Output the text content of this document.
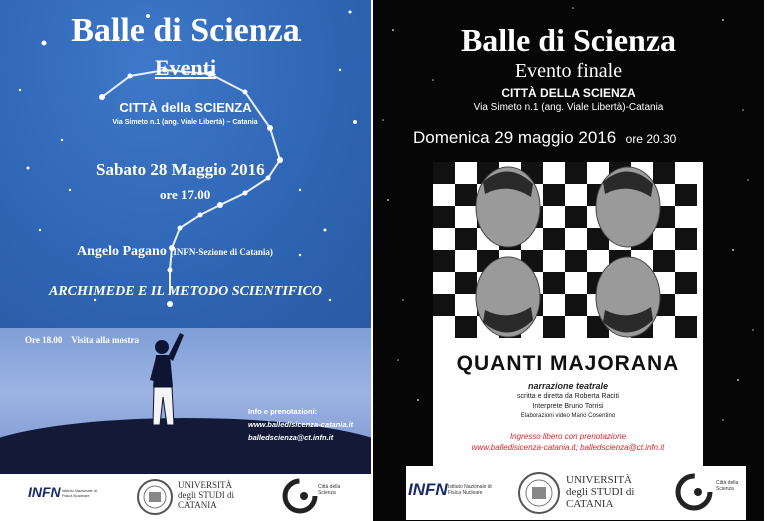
Balle di Scienza
Eventi
CITTÀ della SCIENZA
Via Simeto n.1 (ang. Viale Libertà) – Catania
Sabato 28 Maggio 2016
ore 17.00
Angelo Pagano (INFN-Sezione di Catania)
ARCHIMEDE E IL METODO SCIENTIFICO
Ore 18.00 Visita alla mostra
Info e prenotazioni:
www.balledisicenza-catania.it
balledscienza@ct.infn.it
INFN Istituto Nazionale di Fisica Nucleare
UNIVERSITÀ degli STUDI di CATANIA
Città della Scienza
Balle di Scienza
Evento finale
CITTÀ DELLA SCIENZA
Via Simeto n.1 (ang. Viale Libertà)-Catania
Domenica 29 maggio 2016 ore 20.30
QUANTI MAJORANA
narrazione teatrale
scritta e diretta da Roberta Raciti
Interprete Bruno Torrisi
Elaborazioni video Mario Cosentino
Ingresso libero con prenotazione
www.balledisicenza-catania.it; balledscienza@ct.infn.it
INFN Istituto Nazionale di Fisica Nucleare
UNIVERSITÀ degli STUDI di CATANIA
Città della Scienza
